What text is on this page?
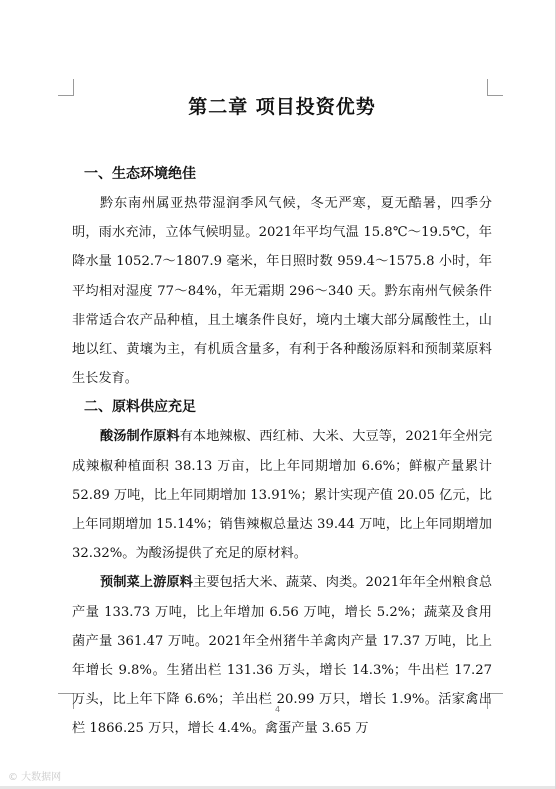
第二章 项目投资优势
一、生态环境绝佳

黔东南州属亚热带湿润季风气候，冬无严寒，夏无酷暑，四季分明，雨水充沛，立体气候明显。2021年平均气温 15.8℃～19.5℃，年降水量 1052.7～1807.9 毫米，年日照时数 959.4～1575.8 小时，年平均相对湿度 77～84%，年无霜期 296～340 天。黔东南州气候条件非常适合农产品种植，且土壤条件良好，境内土壤大部分属酸性土，山地以红、黄壤为主，有机质含量多，有利于各种酸汤原料和预制菜原料生长发育。

二、原料供应充足

酸汤制作原料有本地辣椒、西红柿、大米、大豆等，2021年全州完成辣椒种植面积 38.13 万亩，比上年同期增加 6.6%；鲜椒产量累计 52.89 万吨，比上年同期增加 13.91%；累计实现产值 20.05 亿元，比上年同期增加 15.14%；销售辣椒总量达 39.44 万吨，比上年同期增加 32.32%。为酸汤提供了充足的原材料。

预制菜上游原料主要包括大米、蔬菜、肉类。2021年年全州粮食总产量 133.73 万吨，比上年增加 6.56 万吨，增长 5.2%；蔬菜及食用菌产量 361.47 万吨。2021年全州猪牛羊禽肉产量 17.37 万吨，比上年增长 9.8%。生猪出栏 131.36 万头，增长 14.3%；牛出栏 17.27 万头，比上年下降 6.6%；羊出栏 20.99 万只，增长 1.9%。活家禽出栏 1866.25 万只，增长 4.4%。禽蛋产量 3.65 万

4
© 大数据网
